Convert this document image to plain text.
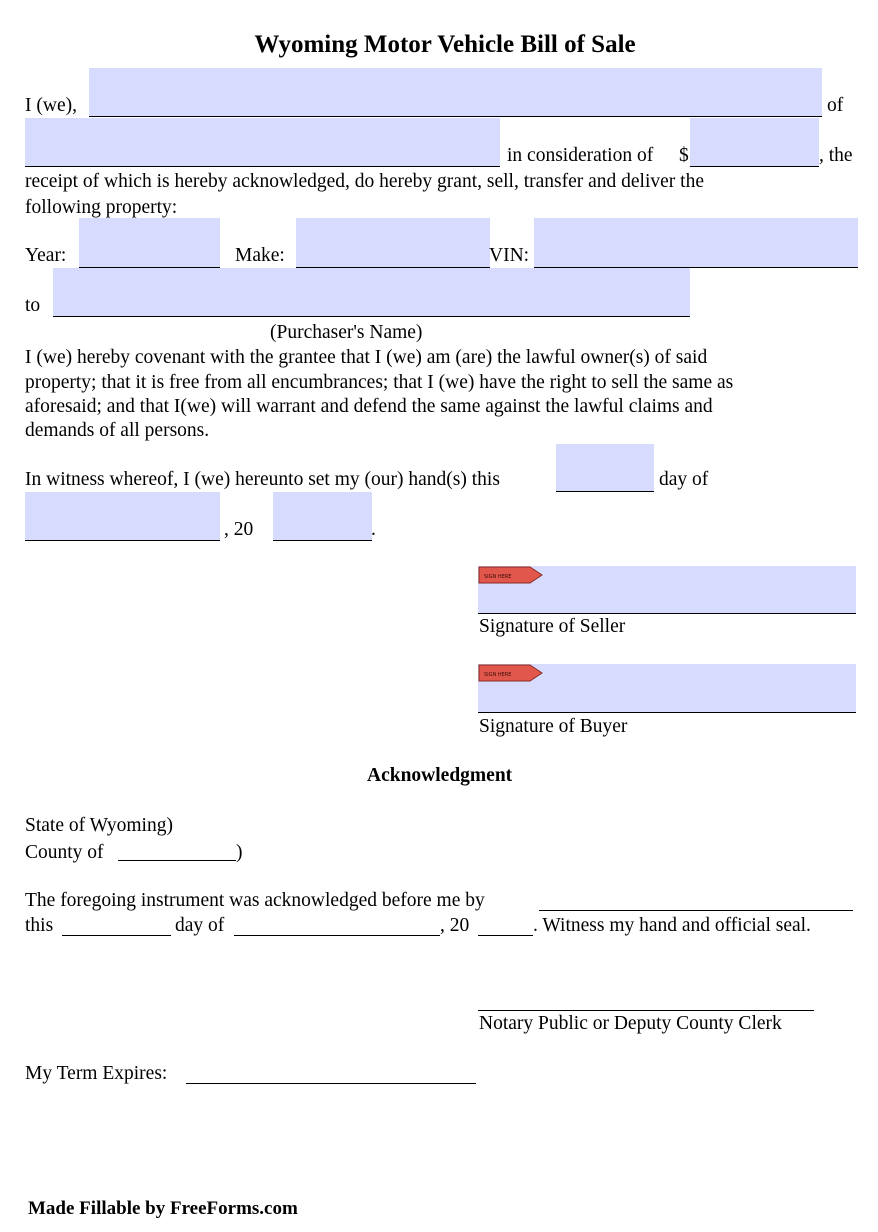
Wyoming Motor Vehicle Bill of Sale
I (we),	of
in consideration of $	, the
receipt of which is hereby acknowledged, do hereby grant, sell, transfer and deliver the
following property:
Year:	Make:	VIN:
to
(Purchaser's Name)
I (we) hereby covenant with the grantee that I (we) am (are) the lawful owner(s) of said
property; that it is free from all encumbrances; that I (we) have the right to sell the same as
aforesaid; and that I(we) will warrant and defend the same against the lawful claims and
demands of all persons.
In witness whereof, I (we) hereunto set my (our) hand(s) this	day of
, 20	.
SIGN HERE
Signature of Seller
SIGN HERE
Signature of Buyer
Acknowledgment
State of Wyoming)
County of	)
The foregoing instrument was acknowledged before me by
this	day of	, 20	. Witness my hand and official seal.
Notary Public or Deputy County Clerk
My Term Expires:
Made Fillable by FreeForms.com
